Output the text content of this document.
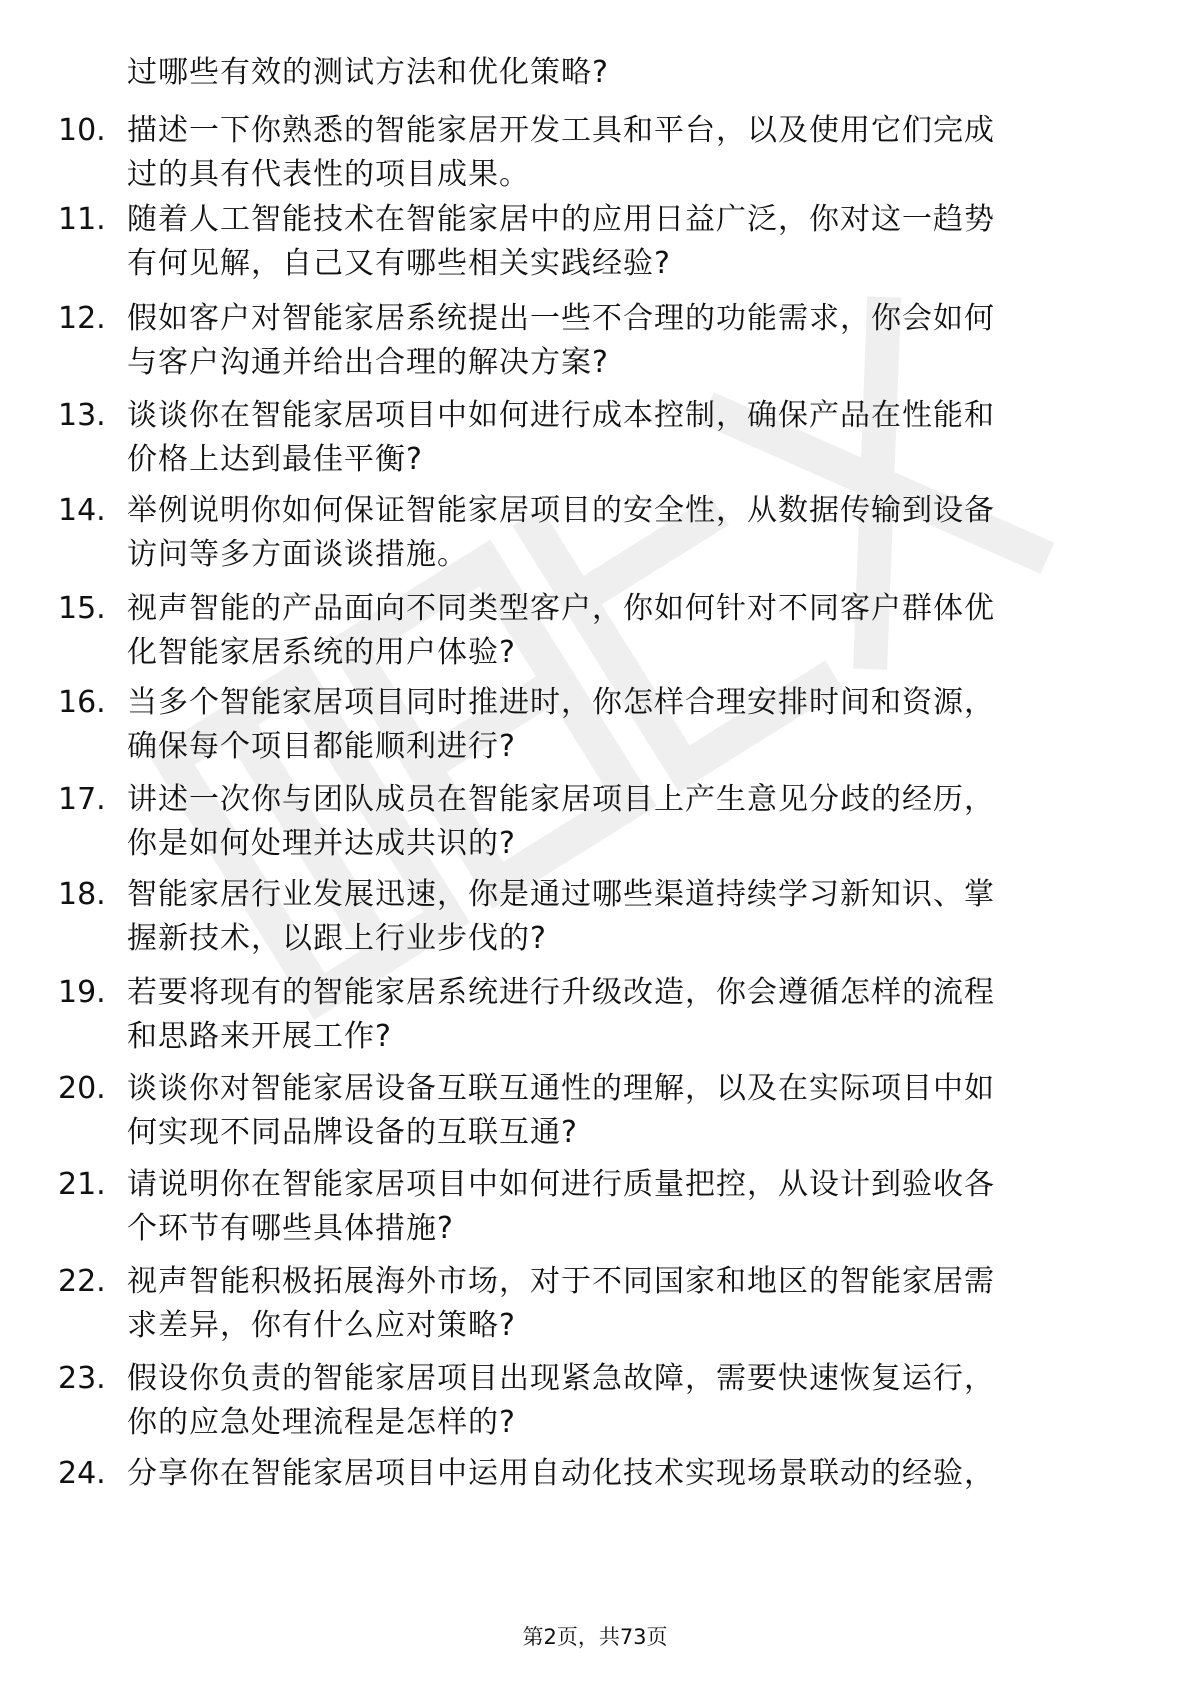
过哪些有效的测试方法和优化策略?
10. 描述一下你熟悉的智能家居开发工具和平台，以及使用它们完成
过的具有代表性的项目成果。
11. 随着人工智能技术在智能家居中的应用日益广泛，你对这一趋势
有何见解，自己又有哪些相关实践经验?
12. 假如客户对智能家居系统提出一些不合理的功能需求，你会如何
与客户沟通并给出合理的解决方案?
13. 谈谈你在智能家居项目中如何进行成本控制，确保产品在性能和
价格上达到最佳平衡?
14. 举例说明你如何保证智能家居项目的安全性，从数据传输到设备
访问等多方面谈谈措施。
15. 视声智能的产品面向不同类型客户，你如何针对不同客户群体优
化智能家居系统的用户体验?
16. 当多个智能家居项目同时推进时，你怎样合理安排时间和资源，
确保每个项目都能顺利进行?
17. 讲述一次你与团队成员在智能家居项目上产生意见分歧的经历，
你是如何处理并达成共识的?
18. 智能家居行业发展迅速，你是通过哪些渠道持续学习新知识、掌
握新技术，以跟上行业步伐的?
19. 若要将现有的智能家居系统进行升级改造，你会遵循怎样的流程
和思路来开展工作?
20. 谈谈你对智能家居设备互联互通性的理解，以及在实际项目中如
何实现不同品牌设备的互联互通?
21. 请说明你在智能家居项目中如何进行质量把控，从设计到验收各
个环节有哪些具体措施?
22. 视声智能积极拓展海外市场，对于不同国家和地区的智能家居需
求差异，你有什么应对策略?
23. 假设你负责的智能家居项目出现紧急故障，需要快速恢复运行，
你的应急处理流程是怎样的?
24. 分享你在智能家居项目中运用自动化技术实现场景联动的经验，
第2页，共73页
